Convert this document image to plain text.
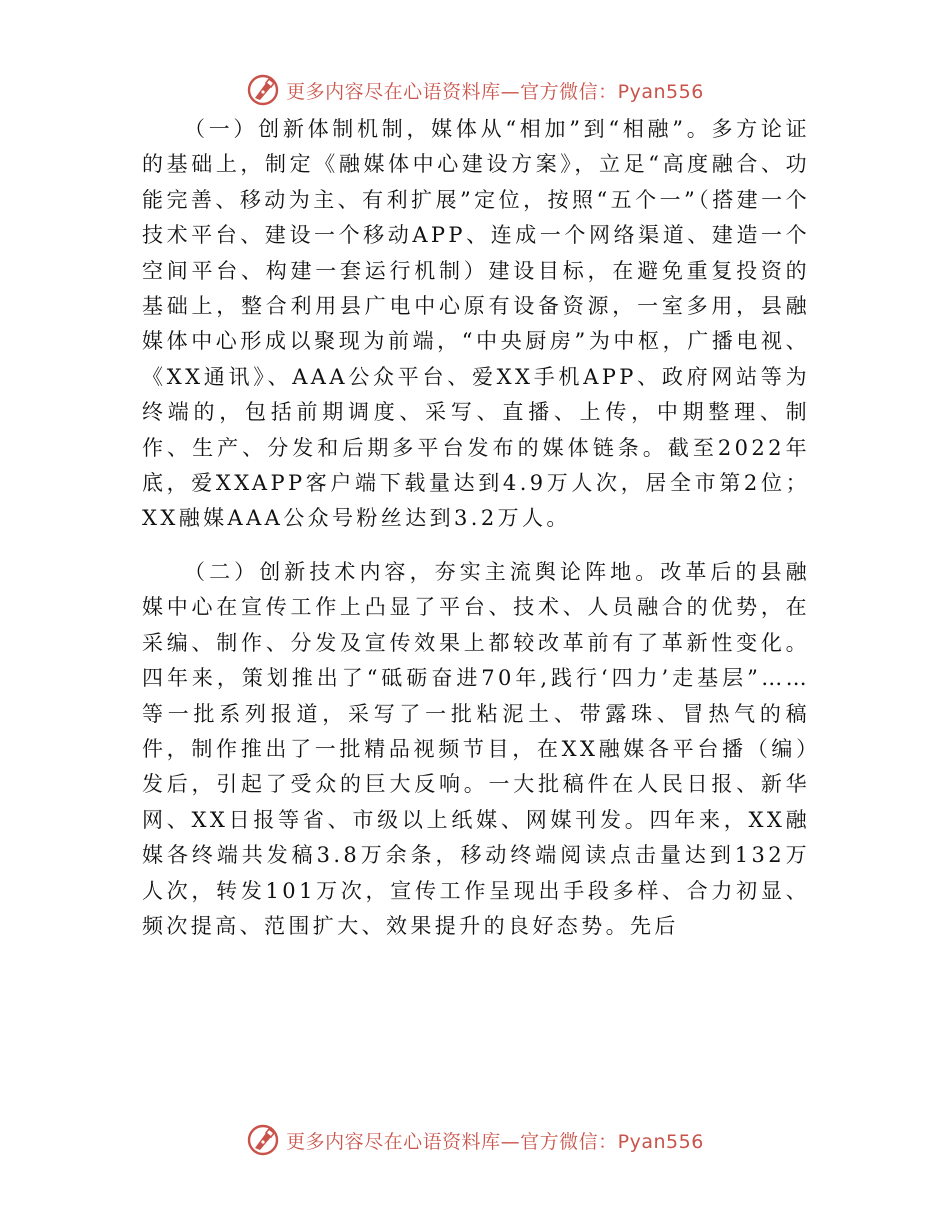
更多内容尽在心语资料库—官方微信：Pyan556

（一）创新体制机制，媒体从“相加”到“相融”。多方论证的基础上，制定《融媒体中心建设方案》，立足“高度融合、功能完善、移动为主、有利扩展”定位，按照“五个一”（搭建一个技术平台、建设一个移动APP、连成一个网络渠道、建造一个空间平台、构建一套运行机制）建设目标，在避免重复投资的基础上，整合利用县广电中心原有设备资源，一室多用，县融媒体中心形成以聚现为前端，“中央厨房”为中枢，广播电视、《XX通讯》、AAA公众平台、爱XX手机APP、政府网站等为终端的，包括前期调度、采写、直播、上传，中期整理、制作、生产、分发和后期多平台发布的媒体链条。截至2022年底，爱XXAPP客户端下载量达到4.9万人次，居全市第2位；XX融媒AAA公众号粉丝达到3.2万人。

（二）创新技术内容，夯实主流舆论阵地。改革后的县融媒中心在宣传工作上凸显了平台、技术、人员融合的优势，在采编、制作、分发及宣传效果上都较改革前有了革新性变化。四年来，策划推出了“砥砺奋进70年,践行‘四力’走基层”……等一批系列报道，采写了一批粘泥土、带露珠、冒热气的稿件，制作推出了一批精品视频节目，在XX融媒各平台播（编）发后，引起了受众的巨大反响。一大批稿件在人民日报、新华网、XX日报等省、市级以上纸媒、网媒刊发。四年来，XX融媒各终端共发稿3.8万余条，移动终端阅读点击量达到132万人次，转发101万次，宣传工作呈现出手段多样、合力初显、频次提高、范围扩大、效果提升的良好态势。先后

更多内容尽在心语资料库—官方微信：Pyan556
